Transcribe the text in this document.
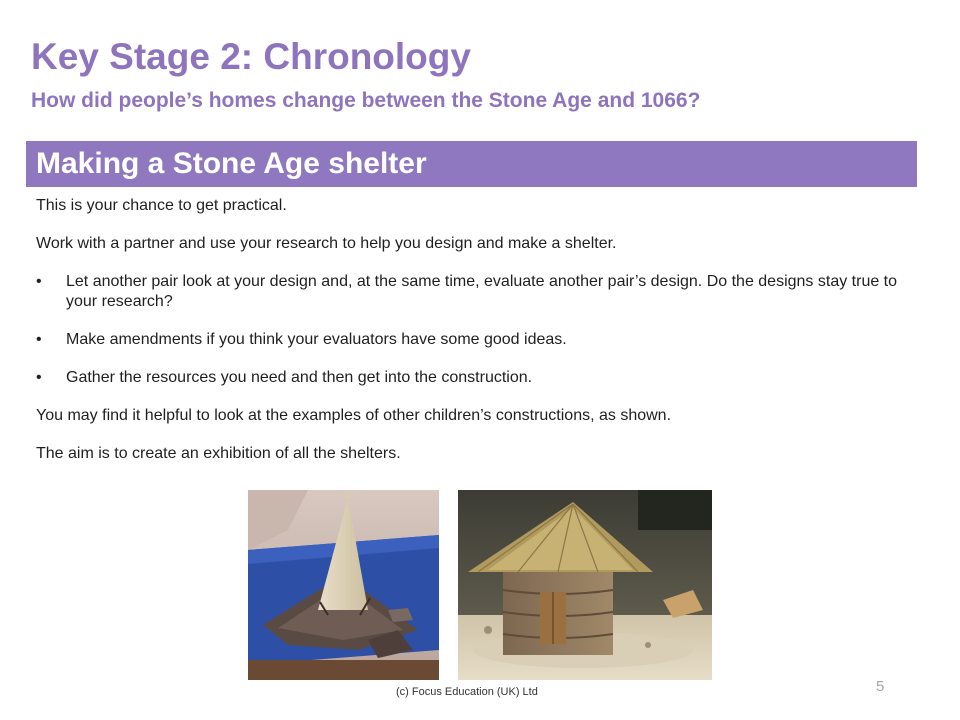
Key Stage 2: Chronology
How did people’s homes change between the Stone Age and 1066?
Making a Stone Age shelter

This is your chance to get practical.

Work with a partner and use your research to help you design and make a shelter.

• Let another pair look at your design and, at the same time, evaluate another pair’s design. Do the designs stay true to your research?
• Make amendments if you think your evaluators have some good ideas.
• Gather the resources you need and then get into the construction.

You may find it helpful to look at the examples of other children’s constructions, as shown.

The aim is to create an exhibition of all the shelters.

(c) Focus Education (UK) Ltd	5
